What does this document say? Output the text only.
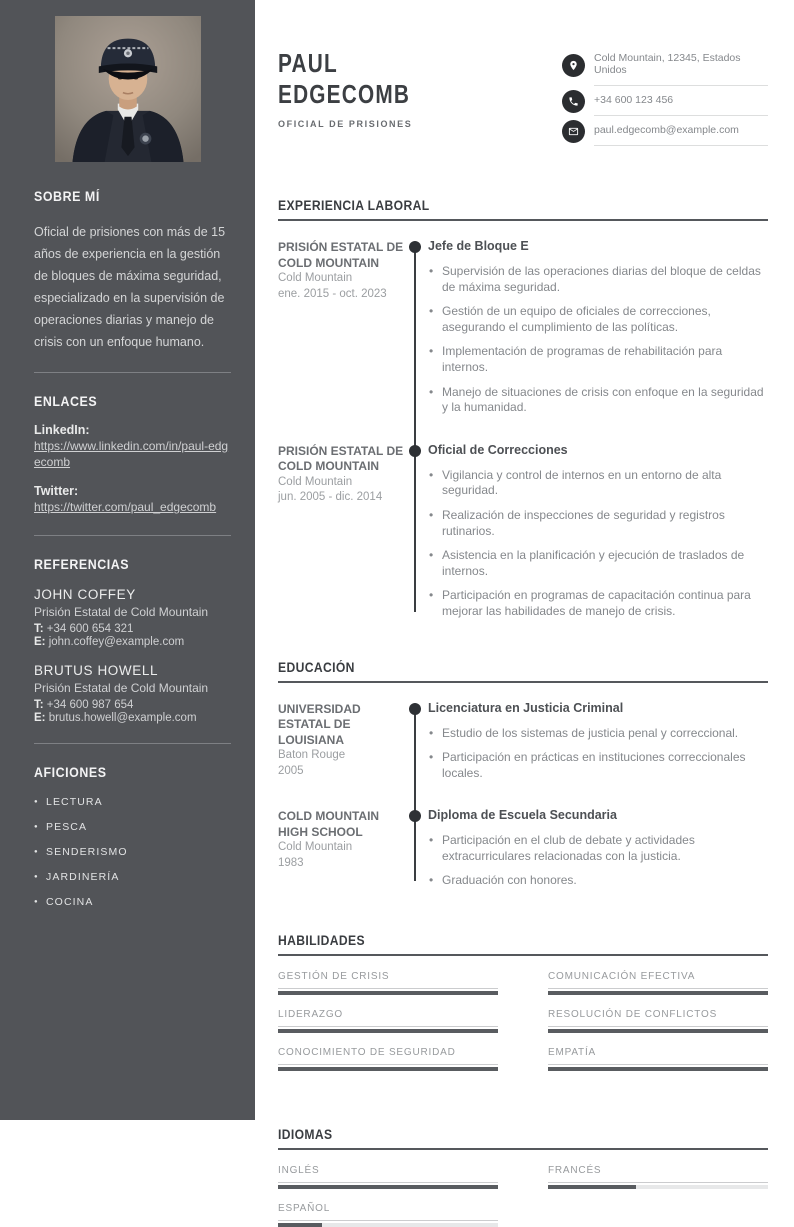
SOBRE MÍ

Oficial de prisiones con más de 15 años de experiencia en la gestión de bloques de máxima seguridad, especializado en la supervisión de operaciones diarias y manejo de crisis con un enfoque humano.

ENLACES
LinkedIn:
https://www.linkedin.com/in/paul-edgecomb
Twitter:
https://twitter.com/paul_edgecomb
REFERENCIAS
JOHN COFFEY
Prisión Estatal de Cold Mountain
T: +34 600 654 321
E: john.coffey@example.com
BRUTUS HOWELL
Prisión Estatal de Cold Mountain
T: +34 600 987 654
E: brutus.howell@example.com
AFICIONES
● LECTURA
● PESCA
● SENDERISMO
● JARDINERÍA
● COCINA
PAUL
EDGECOMB
OFICIAL DE PRISIONES
Cold Mountain, 12345, Estados Unidos
+34 600 123 456
paul.edgecomb@example.com
EXPERIENCIA LABORAL
PRISIÓN ESTATAL DE COLD MOUNTAIN
Cold Mountain
ene. 2015 - oct. 2023
Jefe de Bloque E
• Supervisión de las operaciones diarias del bloque de celdas de máxima seguridad.
• Gestión de un equipo de oficiales de correcciones, asegurando el cumplimiento de las políticas.
• Implementación de programas de rehabilitación para internos.
• Manejo de situaciones de crisis con enfoque en la seguridad y la humanidad.
PRISIÓN ESTATAL DE COLD MOUNTAIN
Cold Mountain
jun. 2005 - dic. 2014
Oficial de Correcciones
• Vigilancia y control de internos en un entorno de alta seguridad.
• Realización de inspecciones de seguridad y registros rutinarios.
• Asistencia en la planificación y ejecución de traslados de internos.
• Participación en programas de capacitación continua para mejorar las habilidades de manejo de crisis.
EDUCACIÓN
UNIVERSIDAD ESTATAL DE LOUISIANA
Baton Rouge
2005
Licenciatura en Justicia Criminal
• Estudio de los sistemas de justicia penal y correccional.
• Participación en prácticas en instituciones correccionales locales.
COLD MOUNTAIN HIGH SCHOOL
Cold Mountain
1983
Diploma de Escuela Secundaria
• Participación en el club de debate y actividades extracurriculares relacionadas con la justicia.
• Graduación con honores.
HABILIDADES
GESTIÓN DE CRISIS	COMUNICACIÓN EFECTIVA
LIDERAZGO	RESOLUCIÓN DE CONFLICTOS
CONOCIMIENTO DE SEGURIDAD	EMPATÍA
IDIOMAS
INGLÉS	FRANCÉS
ESPAÑOL
